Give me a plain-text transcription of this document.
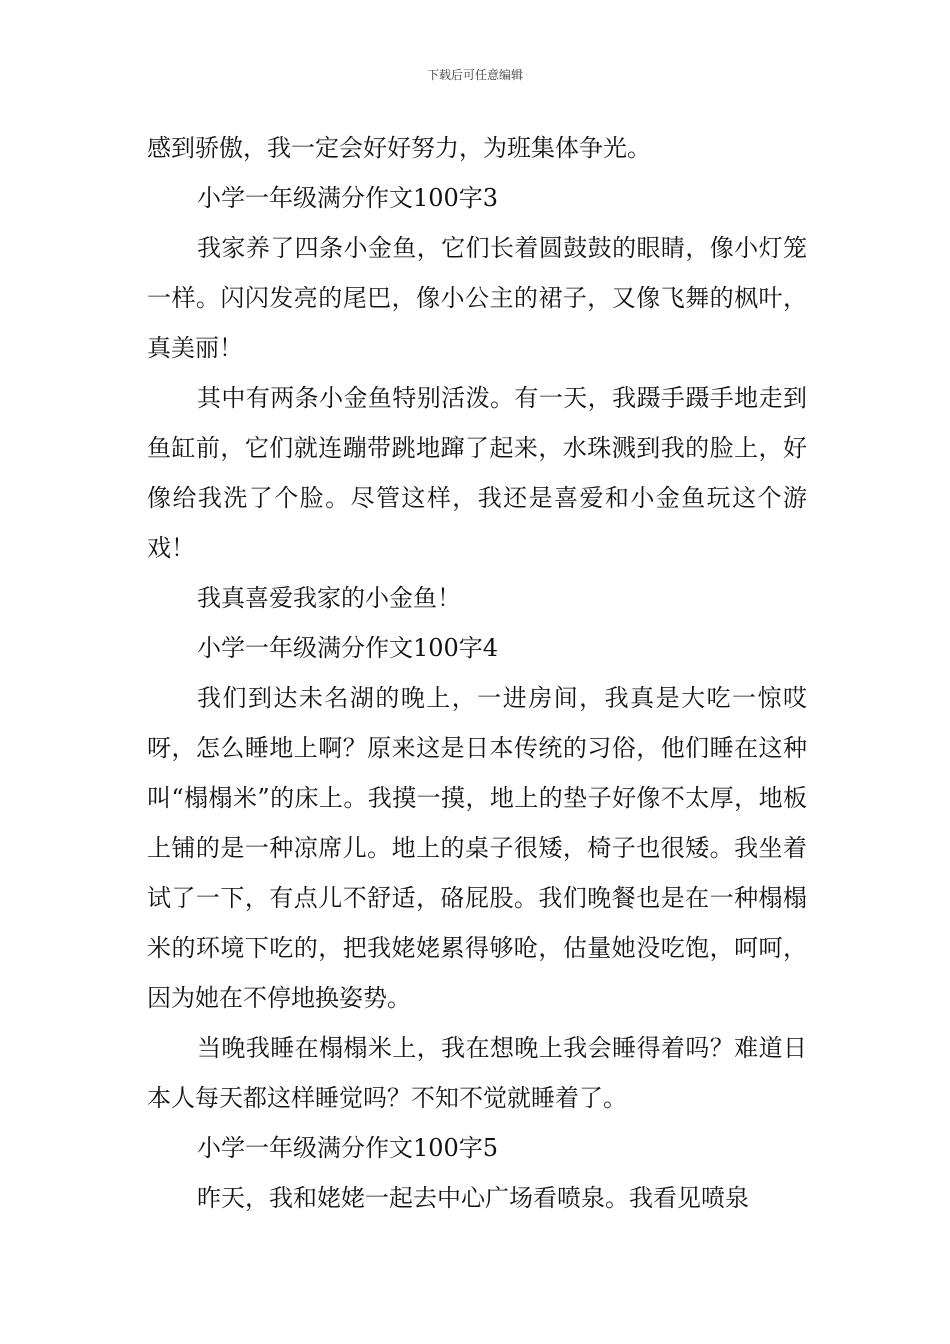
下载后可任意编辑

感到骄傲，我一定会好好努力，为班集体争光。

小学一年级满分作文100字3

我家养了四条小金鱼，它们长着圆鼓鼓的眼睛，像小灯笼一样。闪闪发亮的尾巴，像小公主的裙子，又像飞舞的枫叶，真美丽！

其中有两条小金鱼特别活泼。有一天，我蹑手蹑手地走到鱼缸前，它们就连蹦带跳地蹿了起来，水珠溅到我的脸上，好像给我洗了个脸。尽管这样，我还是喜爱和小金鱼玩这个游戏！

我真喜爱我家的小金鱼！

小学一年级满分作文100字4

我们到达未名湖的晚上，一进房间，我真是大吃一惊哎呀，怎么睡地上啊？原来这是日本传统的习俗，他们睡在这种叫“榻榻米”的床上。我摸一摸，地上的垫子好像不太厚，地板上铺的是一种凉席儿。地上的桌子很矮，椅子也很矮。我坐着试了一下，有点儿不舒适，硌屁股。我们晚餐也是在一种榻榻米的环境下吃的，把我姥姥累得够呛，估量她没吃饱，呵呵，因为她在不停地换姿势。

当晚我睡在榻榻米上，我在想晚上我会睡得着吗？难道日本人每天都这样睡觉吗？不知不觉就睡着了。

小学一年级满分作文100字5

昨天，我和姥姥一起去中心广场看喷泉。我看见喷泉
